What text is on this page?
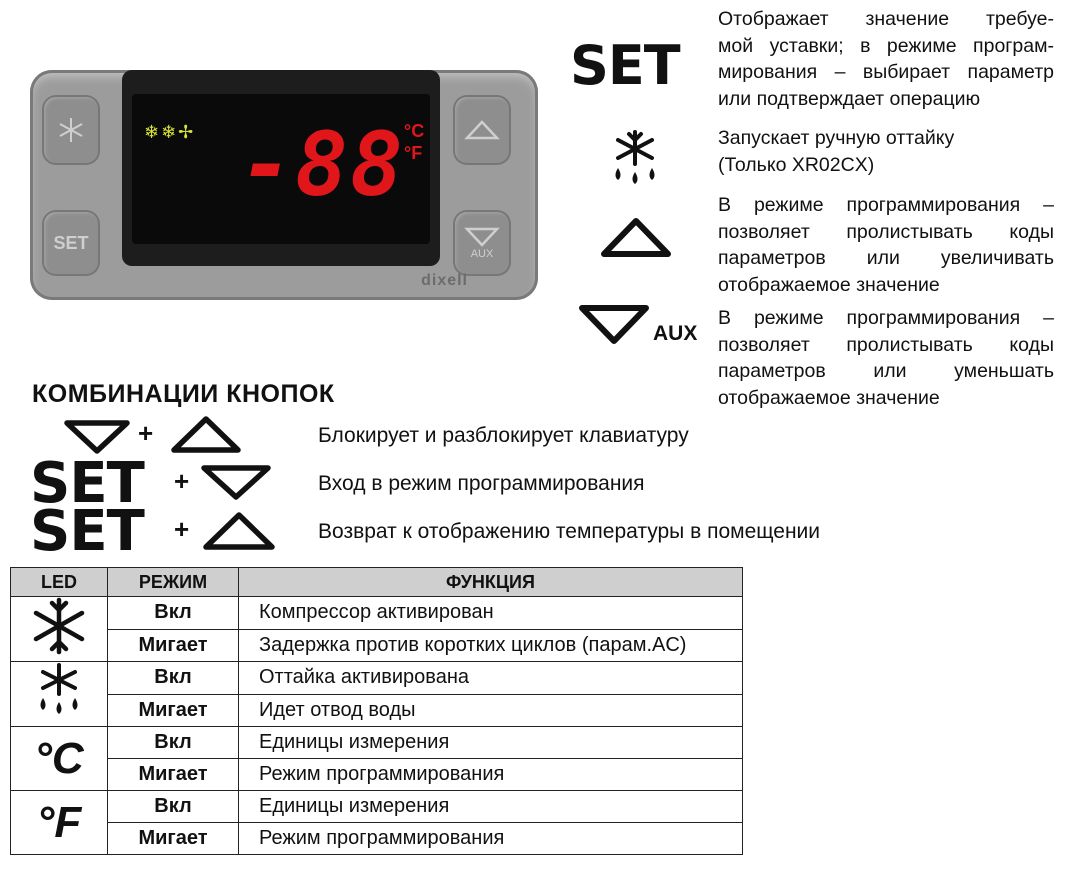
SET
AUX
❄❄✢ -88 °C
°F
dixell
SET
Отображает значение требуе-
мой уставки; в режиме програм-
мирования – выбирает параметр
или подтверждает операцию
Запускает ручную оттайку
(Только XR02CX)
В режиме программирования –
позволяет пролистывать коды
параметров или увеличивать
отображаемое значение
AUX
В режиме программирования –
позволяет пролистывать коды
параметров или уменьшать
отображаемое значение
КОМБИНАЦИИ КНОПОК
+	Блокирует и разблокирует клавиатуру
SET +	Вход в режим программирования
SET +	Возврат к отображению температуры в помещении
LED	РЕЖИМ	ФУНКЦИЯ
	Вкл	Компрессор активирован
	Мигает	Задержка против коротких циклов (парам.AC)
	Вкл	Оттайка активирована
	Мигает	Идет отвод воды
°C	Вкл	Единицы измерения
	Мигает	Режим программирования
°F	Вкл	Единицы измерения
	Мигает	Режим программирования
